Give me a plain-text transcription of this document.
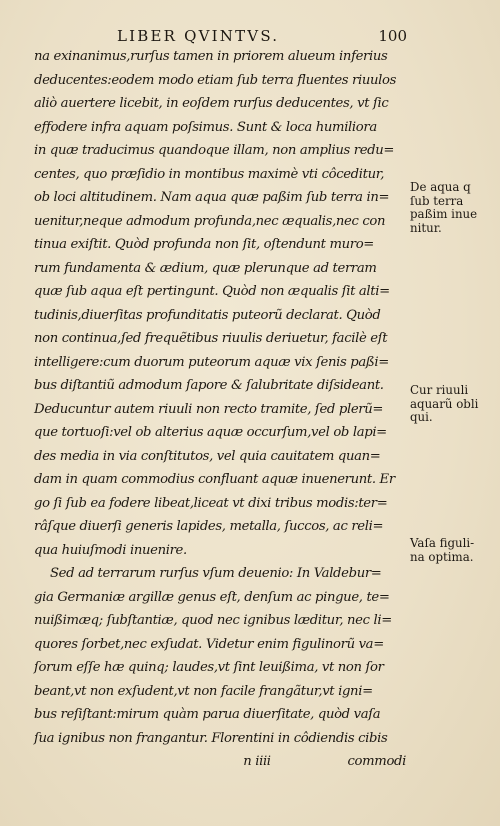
LIBER QVINTVS.	100
na exinanimus,rurſus tamen in priorem alueum inferius
deducentes:eodem modo etiam ſub terra fluentes riuulos
aliò auertere licebit, in eoſdem rurſus deducentes, vt ſic
effodere infra aquam poſsimus. Sunt & loca humiliora
in quæ traducimus quandoque illam, non amplius redu=
centes, quo præſidio in montibus maximè vti côceditur,
ob loci altitudinem. Nam aqua quæ paßim ſub terra in=
uenitur,neque admodum profunda,nec æqualis,nec con
tinua exiſtit. Quòd profunda non ſit, oſtendunt muro=
rum fundamenta & ædium, quæ plerunque ad terram
quæ ſub aqua eſt pertingunt. Quòd non æqualis ſit alti=
tudinis,diuerſitas profunditatis puteorũ declarat. Quòd
non continua,ſed frequẽtibus riuulis deriuetur, facilè eſt
intelligere:cum duorum puteorum aquæ vix ſenis paßi=
bus diſtantiũ admodum ſapore & ſalubritate diſsideant.
Deducuntur autem riuuli non recto tramite, ſed plerũ=
que tortuoſi:vel ob alterius aquæ occurſum,vel ob lapi=
des media in via conſtitutos, vel quia cauitatem quan=
dam in quam commodius confluant aquæ inuenerunt. Er
go ſi ſub ea fodere libeat,liceat vt dixi tribus modis:ter=
râſque diuerſi generis lapides, metalla, ſuccos, ac reli=
qua huiuſmodi inuenire.
Sed ad terrarum rurſus vſum deuenio: In Valdebur=
gia Germaniæ argillæ genus eſt, denſum ac pingue, te=
nuißimæq; ſubſtantiæ, quod nec ignibus læditur, nec li=
quores ſorbet,nec exſudat. Videtur enim figulinorũ va=
ſorum eſſe hæ quinq; laudes,vt ſint leuißima, vt non ſor
beant,vt non exſudent,vt non facile frangãtur,vt igni=
bus reſiſtant:mirum quàm parua diuerſitate, quòd vaſa
ſua ignibus non frangantur. Florentini in côdiendis cibis
n iiii                    commodi
De aqua q
ſub terra
paßim inue
nitur.
Cur riuuli
aquarũ obli
qui.
Vaſa figuli-
na optima.
